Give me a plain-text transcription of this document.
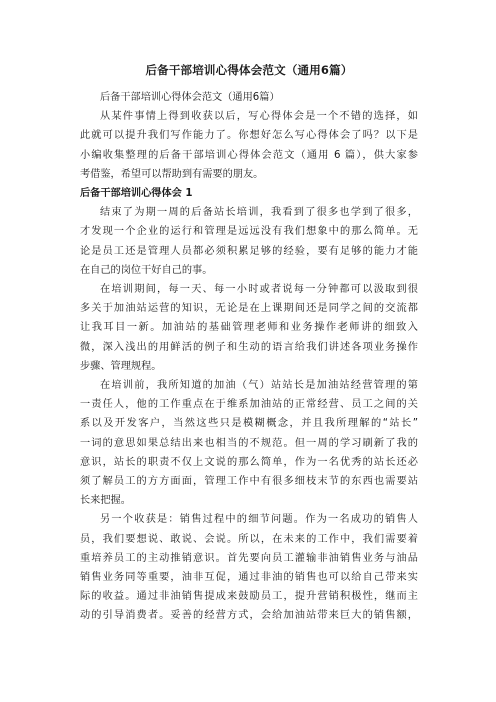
后备干部培训心得体会范文（通用6篇）

后备干部培训心得体会范文（通用6篇）

从某件事情上得到收获以后，写心得体会是一个不错的选择，如

此就可以提升我们写作能力了。你想好怎么写心得体会了吗？以下是

小编收集整理的后备干部培训心得体会范文（通用 6 篇），供大家参

考借鉴，希望可以帮助到有需要的朋友。

后备干部培训心得体会 1

结束了为期一周的后备站长培训，我看到了很多也学到了很多，

才发现一个企业的运行和管理是远远没有我们想象中的那么简单。无

论是员工还是管理人员都必须积累足够的经验，要有足够的能力才能

在自己的岗位干好自己的事。

在培训期间，每一天、每一小时或者说每一分钟都可以汲取到很

多关于加油站运营的知识，无论是在上课期间还是同学之间的交流都

让我耳目一新。加油站的基础管理老师和业务操作老师讲的细致入

微，深入浅出的用鲜活的例子和生动的语言给我们讲述各项业务操作

步骤、管理规程。

在培训前，我所知道的加油（气）站站长是加油站经营管理的第

一责任人，他的工作重点在于维系加油站的正常经营、员工之间的关

系以及开发客户，当然这些只是模糊概念，并且我所理解的“站长”

一词的意思如果总结出来也相当的不规范。但一周的学习刷新了我的

意识，站长的职责不仅上文说的那么简单，作为一名优秀的站长还必

须了解员工的方方面面，管理工作中有很多细枝末节的东西也需要站

长来把握。

另一个收获是：销售过程中的细节问题。作为一名成功的销售人

员，我们要想说、敢说、会说。所以，在未来的工作中，我们需要着

重培养员工的主动推销意识。首先要向员工灌输非油销售业务与油品

销售业务同等重要，油非互促，通过非油的销售也可以给自己带来实

际的收益。通过非油销售提成来鼓励员工，提升营销积极性，继而主

动的引导消费者。妥善的经营方式，会给加油站带来巨大的销售额，
